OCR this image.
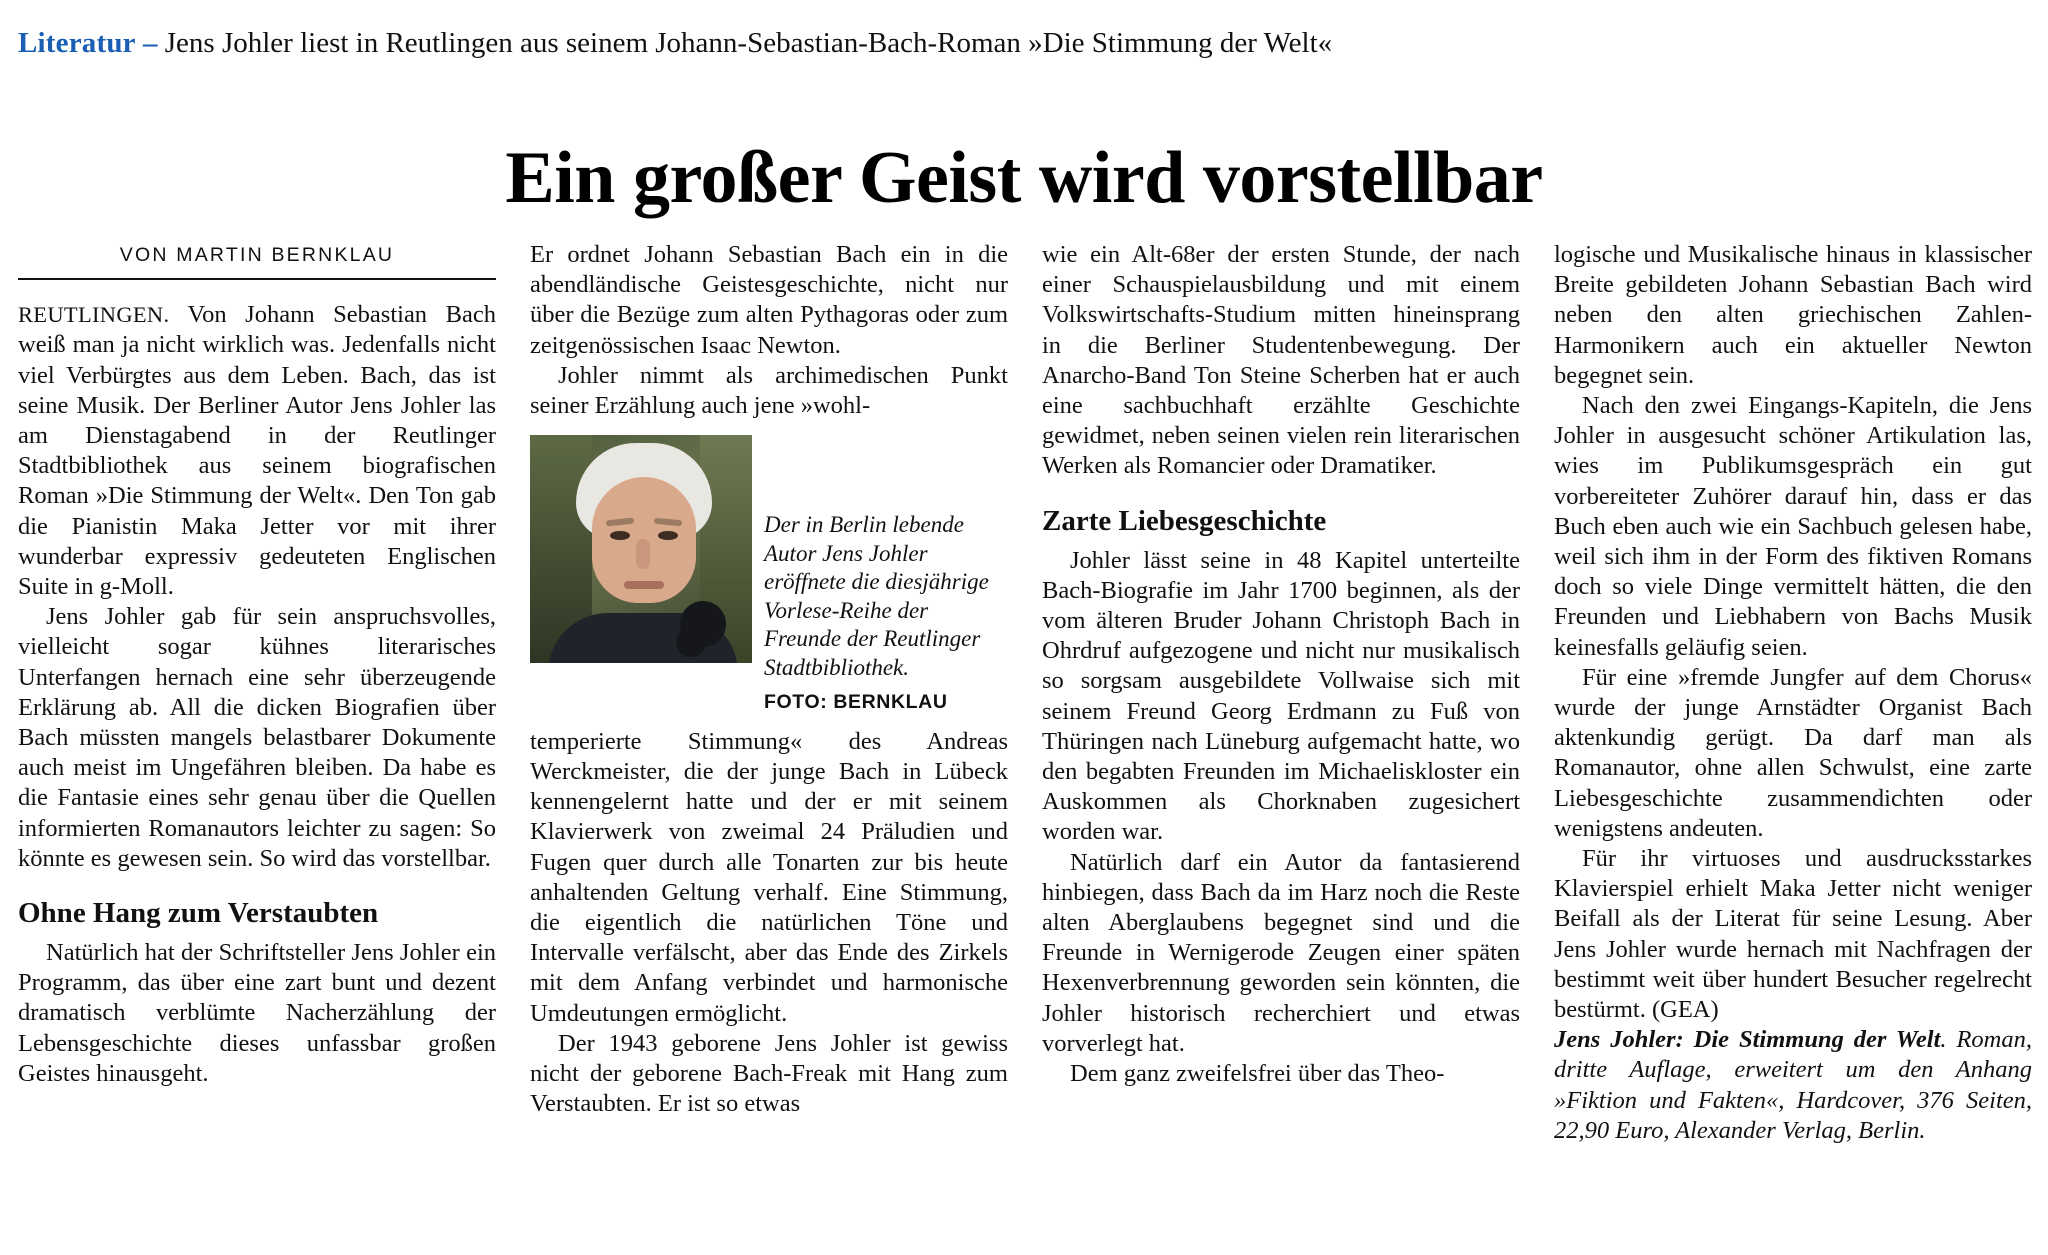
Literatur – Jens Johler liest in Reutlingen aus seinem Johann-Sebastian-Bach-Roman »Die Stimmung der Welt«
Ein großer Geist wird vorstellbar
VON MARTIN BERNKLAU

REUTLINGEN. Von Johann Sebastian Bach weiß man ja nicht wirklich was. Jedenfalls nicht viel Verbürgtes aus dem Leben. Bach, das ist seine Musik. Der Berliner Autor Jens Johler las am Dienstagabend in der Reutlinger Stadtbibliothek aus seinem biografischen Roman »Die Stimmung der Welt«. Den Ton gab die Pianistin Maka Jetter vor mit ihrer wunderbar expressiv gedeuteten Englischen Suite in g-Moll.

Jens Johler gab für sein anspruchsvolles, vielleicht sogar kühnes literarisches Unterfangen hernach eine sehr überzeugende Erklärung ab. All die dicken Biografien über Bach müssten mangels belastbarer Dokumente auch meist im Ungefähren bleiben. Da habe es die Fantasie eines sehr genau über die Quellen informierten Romanautors leichter zu sagen: So könnte es gewesen sein. So wird das vorstellbar.

Ohne Hang zum Verstaubten

Natürlich hat der Schriftsteller Jens Johler ein Programm, das über eine zart bunt und dezent dramatisch verblümte Nacherzählung der Lebensgeschichte dieses unfassbar großen Geistes hinausgeht.

Er ordnet Johann Sebastian Bach ein in die abendländische Geistesgeschichte, nicht nur über die Bezüge zum alten Pythagoras oder zum zeitgenössischen Isaac Newton.

Johler nimmt als archimedischen Punkt seiner Erzählung auch jene »wohl-

Der in Berlin lebende Autor Jens Johler eröffnete die diesjährige Vorlese-Reihe der Freunde der Reutlinger Stadtbibliothek.
FOTO: BERNKLAU

temperierte Stimmung« des Andreas Werckmeister, die der junge Bach in Lübeck kennengelernt hatte und der er mit seinem Klavierwerk von zweimal 24 Präludien und Fugen quer durch alle Tonarten zur bis heute anhaltenden Geltung verhalf. Eine Stimmung, die eigentlich die natürlichen Töne und Intervalle verfälscht, aber das Ende des Zirkels mit dem Anfang verbindet und harmonische Umdeutungen ermöglicht.

Der 1943 geborene Jens Johler ist gewiss nicht der geborene Bach-Freak mit Hang zum Verstaubten. Er ist so etwas

wie ein Alt-68er der ersten Stunde, der nach einer Schauspielausbildung und mit einem Volkswirtschafts-Studium mitten hineinsprang in die Berliner Studentenbewegung. Der Anarcho-Band Ton Steine Scherben hat er auch eine sachbuchhaft erzählte Geschichte gewidmet, neben seinen vielen rein literarischen Werken als Romancier oder Dramatiker.

Zarte Liebesgeschichte

Johler lässt seine in 48 Kapitel unterteilte Bach-Biografie im Jahr 1700 beginnen, als der vom älteren Bruder Johann Christoph Bach in Ohrdruf aufgezogene und nicht nur musikalisch so sorgsam ausgebildete Vollwaise sich mit seinem Freund Georg Erdmann zu Fuß von Thüringen nach Lüneburg aufgemacht hatte, wo den begabten Freunden im Michaeliskloster ein Auskommen als Chorknaben zugesichert worden war.

Natürlich darf ein Autor da fantasierend hinbiegen, dass Bach da im Harz noch die Reste alten Aberglaubens begegnet sind und die Freunde in Wernigerode Zeugen einer späten Hexenverbrennung geworden sein könnten, die Johler historisch recherchiert und etwas vorverlegt hat.

Dem ganz zweifelsfrei über das Theo-

logische und Musikalische hinaus in klassischer Breite gebildeten Johann Sebastian Bach wird neben den alten griechischen Zahlen-Harmonikern auch ein aktueller Newton begegnet sein.

Nach den zwei Eingangs-Kapiteln, die Jens Johler in ausgesucht schöner Artikulation las, wies im Publikumsgespräch ein gut vorbereiteter Zuhörer darauf hin, dass er das Buch eben auch wie ein Sachbuch gelesen habe, weil sich ihm in der Form des fiktiven Romans doch so viele Dinge vermittelt hätten, die den Freunden und Liebhabern von Bachs Musik keinesfalls geläufig seien.

Für eine »fremde Jungfer auf dem Chorus« wurde der junge Arnstädter Organist Bach aktenkundig gerügt. Da darf man als Romanautor, ohne allen Schwulst, eine zarte Liebesgeschichte zusammendichten oder wenigstens andeuten.

Für ihr virtuoses und ausdrucksstarkes Klavierspiel erhielt Maka Jetter nicht weniger Beifall als der Literat für seine Lesung. Aber Jens Johler wurde hernach mit Nachfragen der bestimmt weit über hundert Besucher regelrecht bestürmt. (GEA)

Jens Johler: Die Stimmung der Welt. Roman, dritte Auflage, erweitert um den Anhang »Fiktion und Fakten«, Hardcover, 376 Seiten, 22,90 Euro, Alexander Verlag, Berlin.
